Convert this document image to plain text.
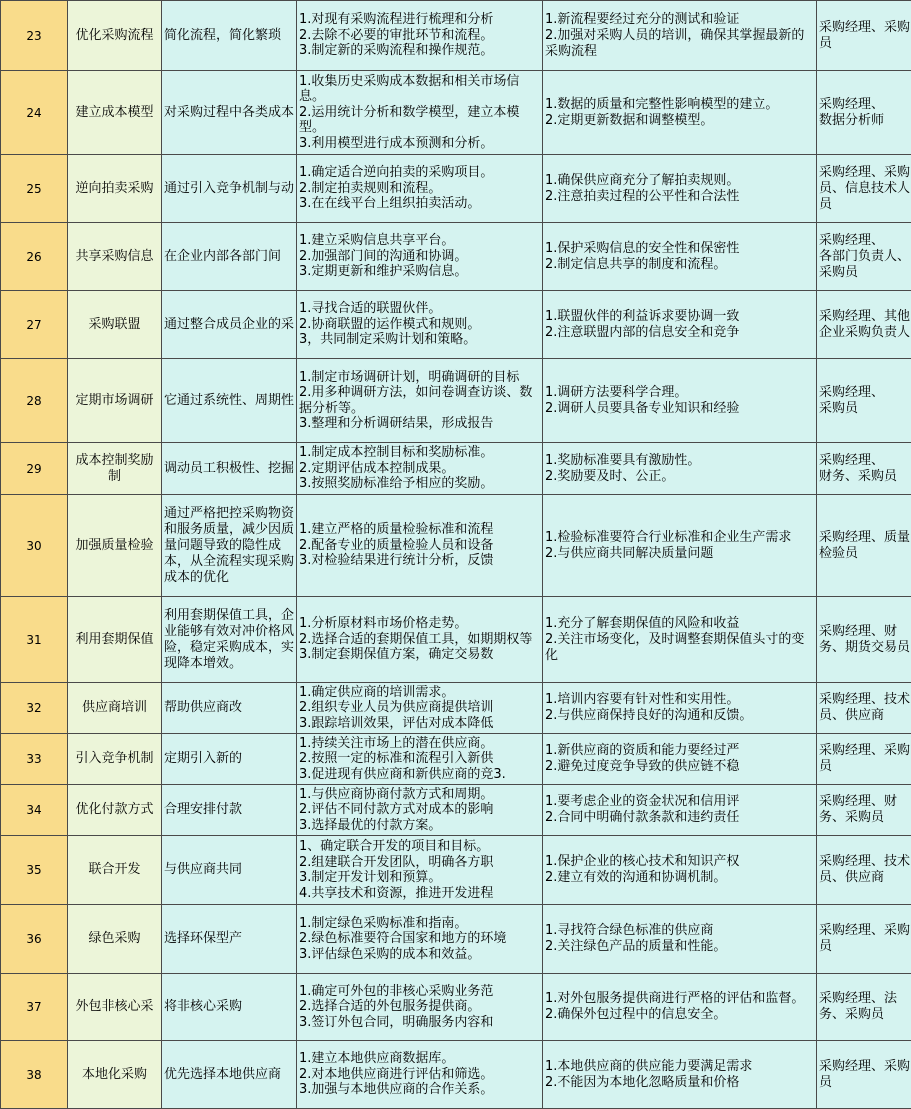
23	优化采购流程	简化流程，简化繁琐	1.对现有采购流程进行梳理和分析
2.去除不必要的审批环节和流程。
3.制定新的采购流程和操作规范。	1.新流程要经过充分的测试和验证
2.加强对采购人员的培训，确保其掌握最新的采购流程	采购经理、采购员
24	建立成本模型	对采购过程中各类成本	1.收集历史采购成本数据和相关市场信息。
2.运用统计分析和数学模型，建立本模型。
3.利用模型进行成本预测和分析。	1.数据的质量和完整性影响模型的建立。
2.定期更新数据和调整模型。	采购经理、
数据分析师
25	逆向拍卖采购	通过引入竞争机制与动	1.确定适合逆向拍卖的采购项目。
2.制定拍卖规则和流程。
3.在在线平台上组织拍卖活动。	1.确保供应商充分了解拍卖规则。
2.注意拍卖过程的公平性和合法性	采购经理、采购员、信息技术人员
26	共享采购信息	在企业内部各部门间	1.建立采购信息共享平台。
2.加强部门间的沟通和协调。
3.定期更新和维护采购信息。	1.保护采购信息的安全性和保密性
2.制定信息共享的制度和流程。	采购经理、
各部门负责人、
采购员
27	采购联盟	通过整合成员企业的采	1.寻找合适的联盟伙伴。
2.协商联盟的运作模式和规则。
3，共同制定采购计划和策略。	1.联盟伙伴的利益诉求要协调一致
2.注意联盟内部的信息安全和竞争	采购经理、其他企业采购负责人
28	定期市场调研	它通过系统性、周期性	1.制定市场调研计划，明确调研的目标
2.用多种调研方法，如问卷调查访谈、数据分析等。
3.整理和分析调研结果，形成报告	1.调研方法要科学合理。
2.调研人员要具备专业知识和经验	采购经理、
采购员
29	成本控制奖励制	调动员工积极性、挖掘	1.制定成本控制目标和奖励标准。
2.定期评估成本控制成果。
3.按照奖励标准给予相应的奖励。	1.奖励标准要具有激励性。
2.奖励要及时、公正。	采购经理、
财务、采购员
30	加强质量检验	通过严格把控采购物资和服务质量，减少因质量问题导致的隐性成本，从全流程实现采购成本的优化	1.建立严格的质量检验标准和流程
2.配备专业的质量检验人员和设备
3.对检验结果进行统计分析，反馈	1.检验标准要符合行业标准和企业生产需求
2.与供应商共同解决质量问题	采购经理、质量检验员
31	利用套期保值	利用套期保值工具，企业能够有效对冲价格风险，稳定采购成本，实现降本增效。	1.分析原材料市场价格走势。
2.选择合适的套期保值工具，如期期权等
3.制定套期保值方案，确定交易数	1.充分了解套期保值的风险和收益
2.关注市场变化，及时调整套期保值头寸的变化	采购经理、财务、期货交易员
32	供应商培训	帮助供应商改	1.确定供应商的培训需求。
2.组织专业人员为供应商提供培训
3.跟踪培训效果，评估对成本降低	1.培训内容要有针对性和实用性。
2.与供应商保持良好的沟通和反馈。	采购经理、技术员、供应商
33	引入竞争机制	定期引入新的	1.持续关注市场上的潜在供应商。
2.按照一定的标准和流程引入新供
3.促进现有供应商和新供应商的竞3.	1.新供应商的资质和能力要经过严
2.避免过度竞争导致的供应链不稳	采购经理、采购员
34	优化付款方式	合理安排付款	1.与供应商协商付款方式和周期。
2.评估不同付款方式对成本的影响
3.选择最优的付款方案。	1.要考虑企业的资金状况和信用评
2.合同中明确付款条款和违约责任	采购经理、财务、采购员
35	联合开发	与供应商共同	1、确定联合开发的项目和目标。
2.组建联合开发团队，明确各方职
3.制定开发计划和预算。
4.共享技术和资源，推进开发进程	1.保护企业的核心技术和知识产权
2.建立有效的沟通和协调机制。	采购经理、技术员、供应商
36	绿色采购	选择环保型产	1.制定绿色采购标准和指南。
2.绿色标准要符合国家和地方的环境
3.评估绿色采购的成本和效益。	1.寻找符合绿色标准的供应商
2.关注绿色产品的质量和性能。	采购经理、采购员
37	外包非核心采	将非核心采购	1.确定可外包的非核心采购业务范
2.选择合适的外包服务提供商。
3.签订外包合同，明确服务内容和	1.对外包服务提供商进行严格的评估和监督。
2.确保外包过程中的信息安全。	采购经理、法务、采购员
38	本地化采购	优先选择本地供应商	1.建立本地供应商数据库。
2.对本地供应商进行评估和筛选。
3.加强与本地供应商的合作关系。	1.本地供应商的供应能力要满足需求
2.不能因为本地化忽略质量和价格	采购经理、采购员
